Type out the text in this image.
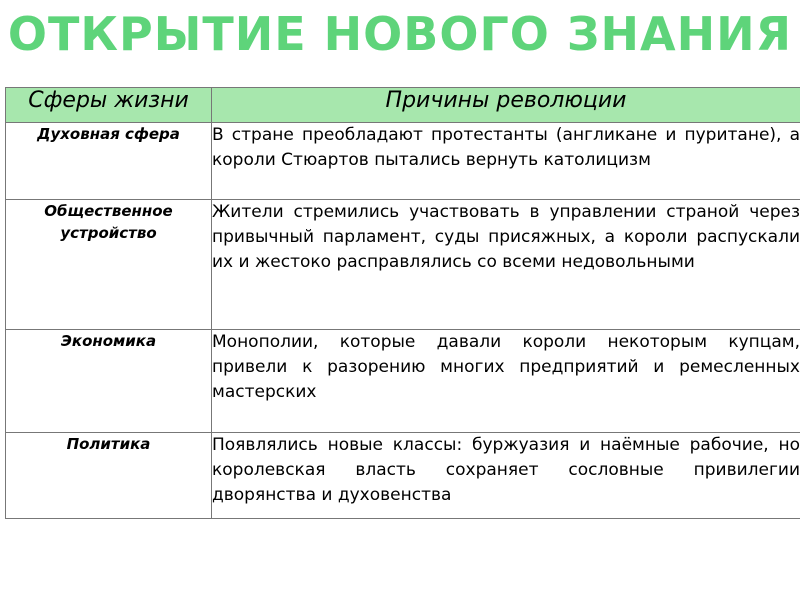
ОТКРЫТИЕ НОВОГО ЗНАНИЯ
Сферы жизни	Причины революции
Духовная сфера	В стране преобладают протестанты (англикане и пуритане), а короли Стюартов пытались вернуть католицизм
Общественное устройство	Жители стремились участвовать в управлении страной через привычный парламент, суды присяжных, а короли распускали их и жестоко расправлялись со всеми недовольными
Экономика	Монополии, которые давали короли некоторым купцам, привели к разорению многих предприятий и ремесленных мастерских
Политика	Появлялись новые классы: буржуазия и наёмные рабочие, но королевская власть сохраняет сословные привилегии дворянства и духовенства
